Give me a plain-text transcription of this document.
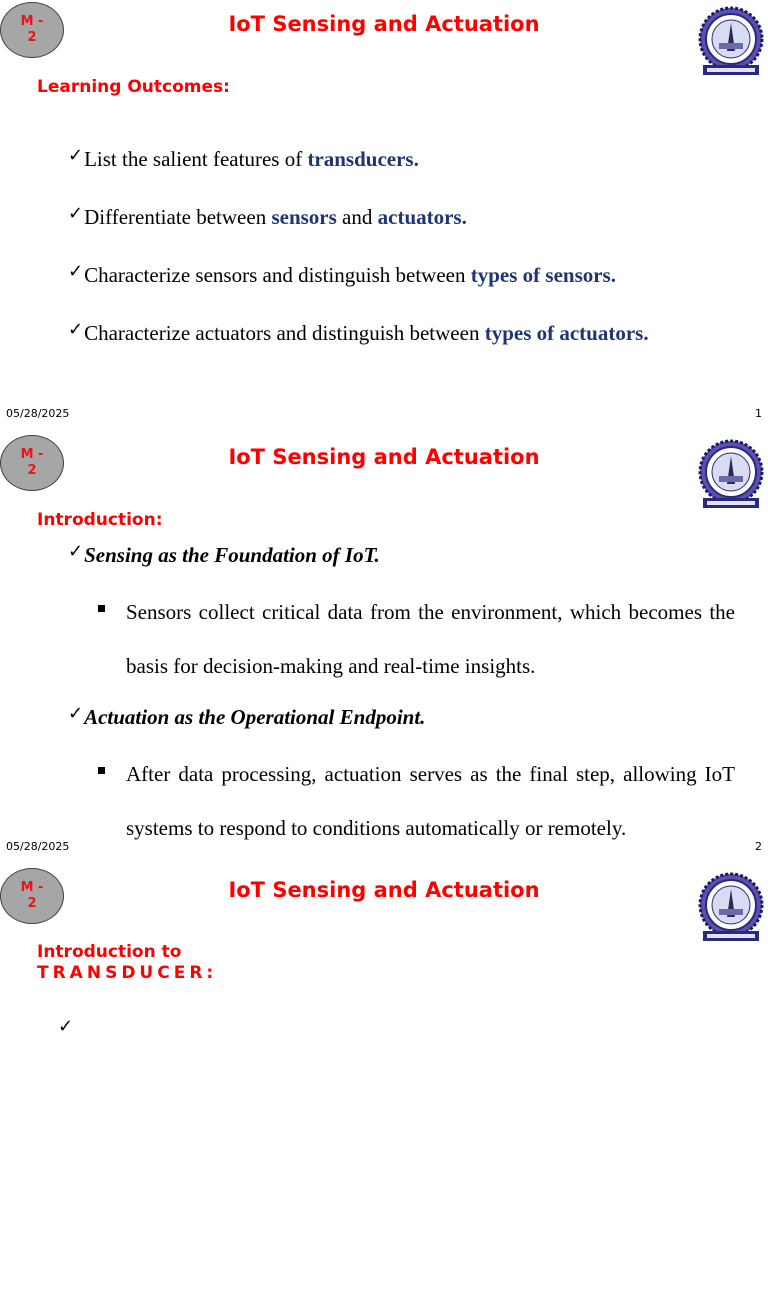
M -
2
IoT Sensing and Actuation
Learning Outcomes:
✓List the salient features of transducers.
✓Differentiate between sensors and actuators.
✓Characterize sensors and distinguish between types of sensors.
✓Characterize actuators and distinguish between types of actuators.
05/28/2025	1
M -
2
IoT Sensing and Actuation
Introduction:
✓Sensing as the Foundation of IoT.
Sensors collect critical data from the environment, which becomes the basis for decision-making and real-time insights.
✓Actuation as the Operational Endpoint.
After data processing, actuation serves as the final step, allowing IoT systems to respond to conditions automatically or remotely.
05/28/2025	2
M -
2
IoT Sensing and Actuation
Introduction to
TRANSDUCER:
✓
